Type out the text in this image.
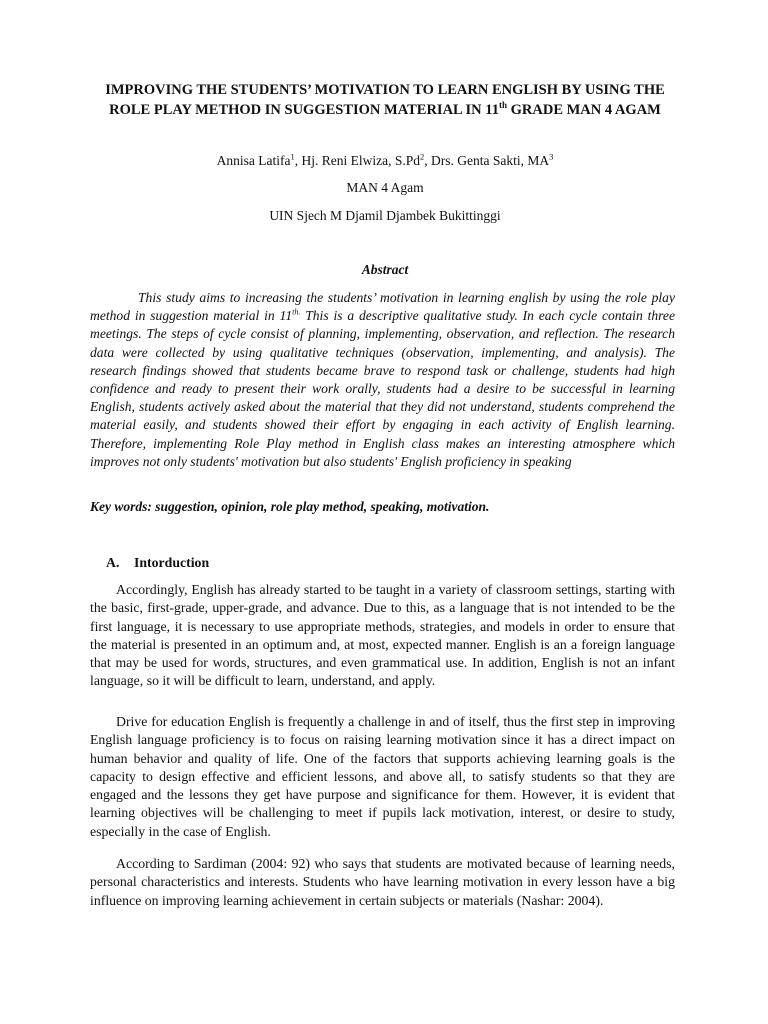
IMPROVING THE STUDENTS’ MOTIVATION TO LEARN ENGLISH BY USING THE ROLE PLAY METHOD IN SUGGESTION MATERIAL IN 11th GRADE MAN 4 AGAM
Annisa Latifa$^1$, Hj. Reni Elwiza, S.Pd$^2$, Drs. Genta Sakti, $MA^3$
MAN 4 Agam
UIN Sjech M Djamil Djambek Bukittinggi
Abstract
This study aims to increasing the students’ motivation in learning english by using the role play method in suggestion material in $11^{th.}$ This is a descriptive qualitative study. In each cycle contain three meetings. The steps of cycle consist of planning, implementing, observation, and reflection. The research data were collected by using qualitative techniques (observation, implementing, and analysis). The research findings showed that students became brave to respond task or challenge, students had high confidence and ready to present their work orally, students had a desire to be successful in learning English, students actively asked about the material that they did not understand, students comprehend the material easily, and students showed their effort by engaging in each activity of English learning. Therefore, implementing Role Play method in English class makes an interesting atmosphere which improves not only students' motivation but also students' English proficiency in speaking
Key words: suggestion, opinion, role play method, speaking, motivation.
A. Intorduction
Accordingly, English has already started to be taught in a variety of classroom settings, starting with the basic, first-grade, upper-grade, and advance. Due to this, as a language that is not intended to be the first language, it is necessary to use appropriate methods, strategies, and models in order to ensure that the material is presented in an optimum and, at most, expected manner. English is an a foreign language that may be used for words, structures, and even grammatical use. In addition, English is not an infant language, so it will be difficult to learn, understand, and apply.
Drive for education English is frequently a challenge in and of itself, thus the first step in improving English language proficiency is to focus on raising learning motivation since it has a direct impact on human behavior and quality of life. One of the factors that supports achieving learning goals is the capacity to design effective and efficient lessons, and above all, to satisfy students so that they are engaged and the lessons they get have purpose and significance for them. However, it is evident that learning objectives will be challenging to meet if pupils lack motivation, interest, or desire to study, especially in the case of English.
According to Sardiman (2004: 92) who says that students are motivated because of learning needs, personal characteristics and interests. Students who have learning motivation in every lesson have a big influence on improving learning achievement in certain subjects or materials (Nashar: 2004).
